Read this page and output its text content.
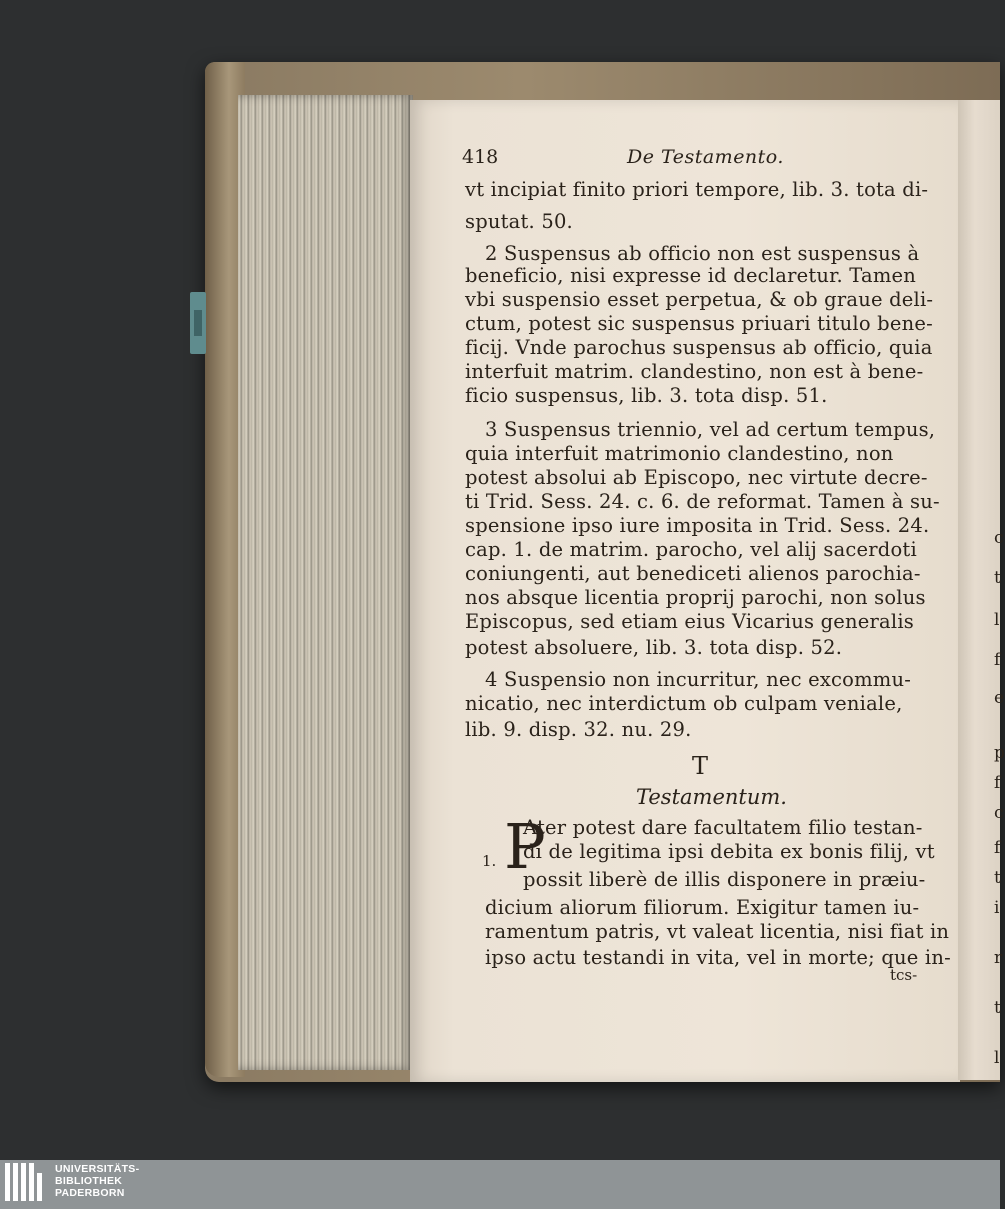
c
t
l
f
e
p
f
c
f
t
i
r
t
l
418	De Testamento.
vt incipiat finito priori tempore, lib. 3. tota di-
sputat. 50.
2 Suspensus ab officio non est suspensus à
beneficio, nisi expresse id declaretur. Tamen
vbi suspensio esset perpetua, & ob graue deli-
ctum, potest sic suspensus priuari titulo bene-
ficij. Vnde parochus suspensus ab officio, quia
interfuit matrim. clandestino, non est à bene-
ficio suspensus, lib. 3. tota disp. 51.
3 Suspensus triennio, vel ad certum tempus,
quia interfuit matrimonio clandestino, non
potest absolui ab Episcopo, nec virtute decre-
ti Trid. Sess. 24. c. 6. de reformat. Tamen à su-
spensione ipso iure imposita in Trid. Sess. 24.
cap. 1. de matrim. parocho, vel alij sacerdoti
coniungenti, aut benediceti alienos parochia-
nos absque licentia proprij parochi, non solus
Episcopus, sed etiam eius Vicarius generalis
potest absoluere, lib. 3. tota disp. 52.
4 Suspensio non incurritur, nec excommu-
nicatio, nec interdictum ob culpam veniale,
lib. 9. disp. 32. nu. 29.
T
Testamentum.
P
1.
Ater potest dare facultatem filio testan-
di de legitima ipsi debita ex bonis filij, vt
possit liberè de illis disponere in præiu-
dicium aliorum filiorum. Exigitur tamen iu-
ramentum patris, vt valeat licentia, nisi fiat in
ipso actu testandi in vita, vel in morte; que in-
tcs-
UNIVERSITÄTS-
BIBLIOTHEK
PADERBORN
